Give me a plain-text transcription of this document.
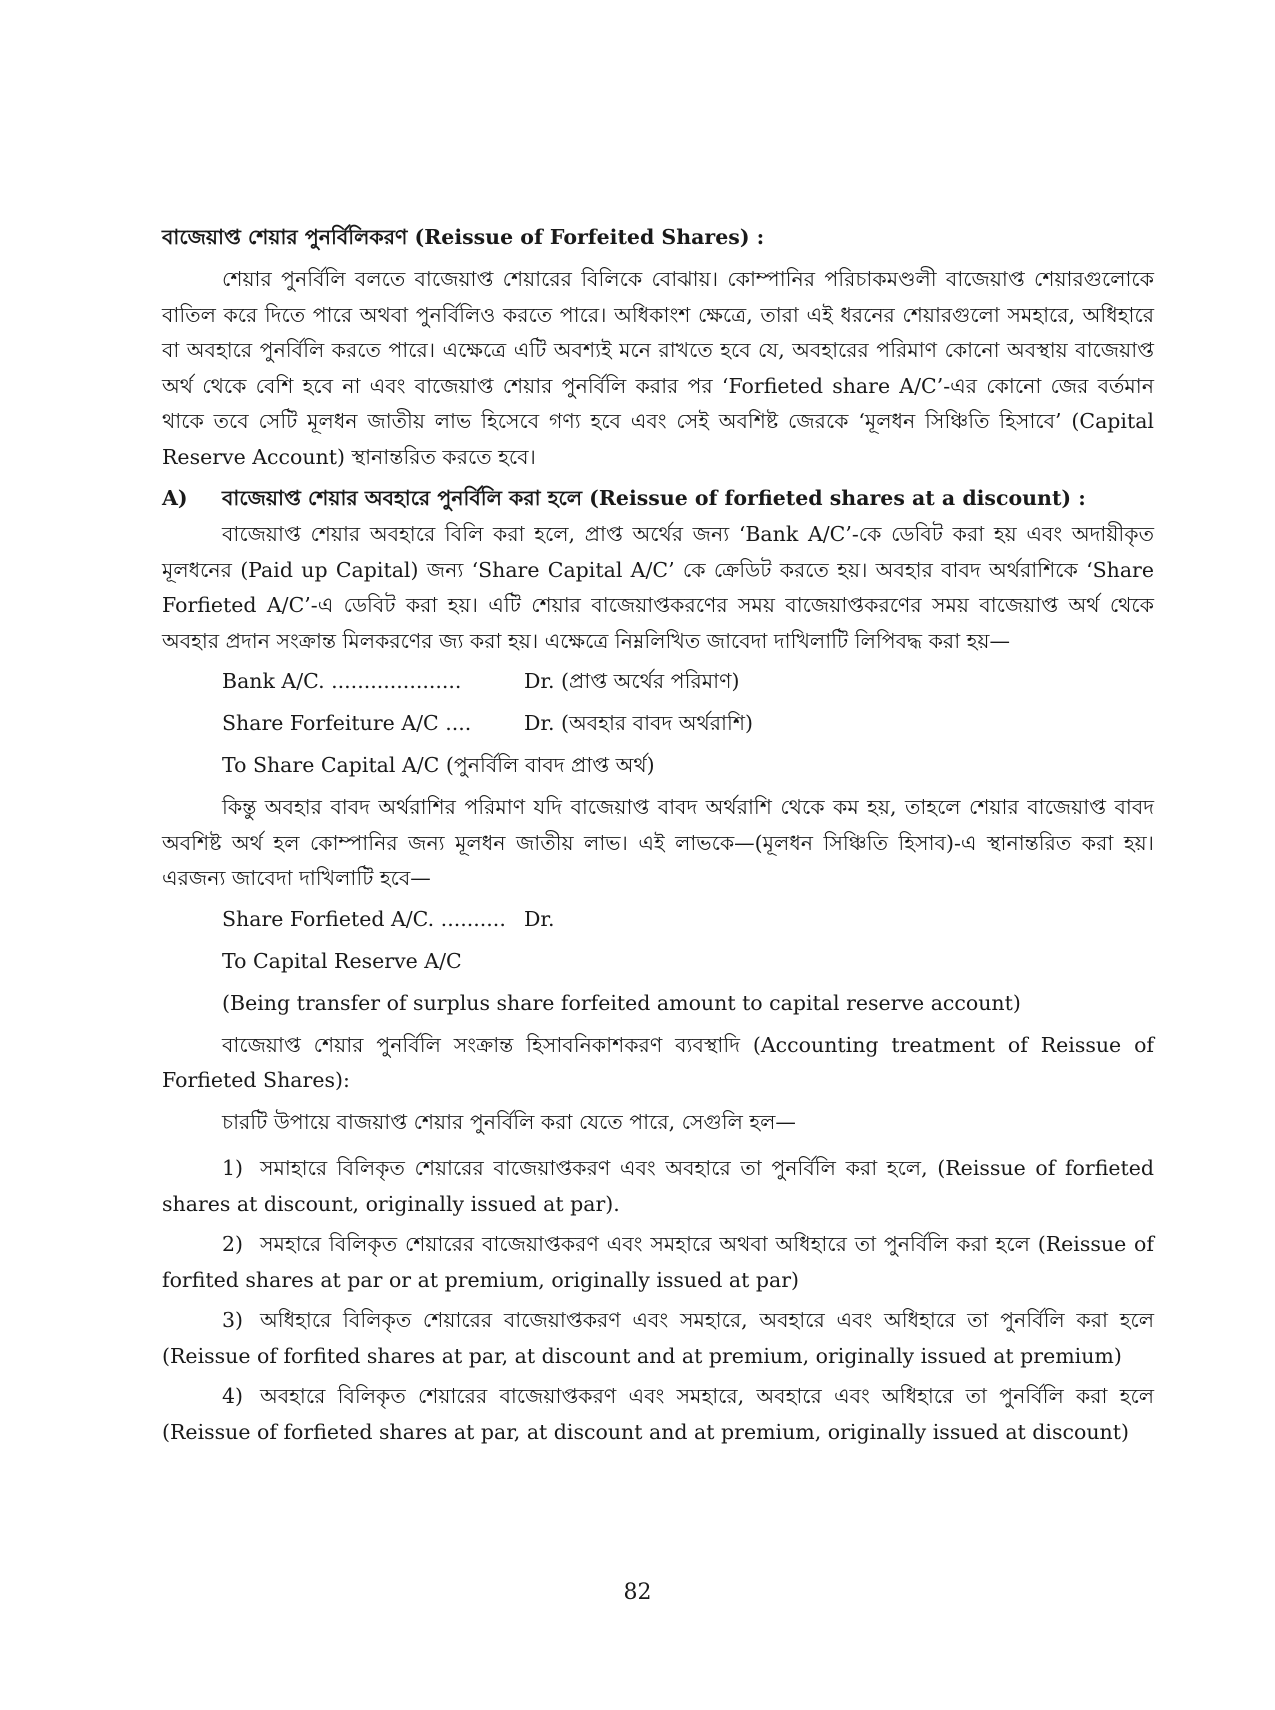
বাজেয়াপ্ত শেয়ার পুনর্বিলিকরণ (Reissue of Forfeited Shares) :

শেয়ার পুনর্বিলি বলতে বাজেয়াপ্ত শেয়ারের বিলিকে বোঝায়। কোম্পানির পরিচাকমণ্ডলী বাজেয়াপ্ত শেয়ারগুলোকে বাতিল করে দিতে পারে অথবা পুনর্বিলিও করতে পারে। অধিকাংশ ক্ষেত্রে, তারা এই ধরনের শেয়ারগুলো সমহারে, অধিহারে বা অবহারে পুনর্বিলি করতে পারে। এক্ষেত্রে এটি অবশ্যই মনে রাখতে হবে যে, অবহারের পরিমাণ কোনো অবস্থায় বাজেয়াপ্ত অর্থ থেকে বেশি হবে না এবং বাজেয়াপ্ত শেয়ার পুনর্বিলি করার পর ‘Forfieted share A/C’-এর কোনো জের বর্তমান থাকে তবে সেটি মূলধন জাতীয় লাভ হিসেবে গণ্য হবে এবং সেই অবশিষ্ট জেরকে ‘মূলধন সিঞ্চিতি হিসাবে’ (Capital Reserve Account) স্থানান্তরিত করতে হবে।

A)	বাজেয়াপ্ত শেয়ার অবহারে পুনর্বিলি করা হলে (Reissue of forfieted shares at a discount) :

বাজেয়াপ্ত শেয়ার অবহারে বিলি করা হলে, প্রাপ্ত অর্থের জন্য ‘Bank A/C’-কে ডেবিট করা হয় এবং অদায়ীকৃত মূলধনের (Paid up Capital) জন্য ‘Share Capital A/C’ কে ক্রেডিট করতে হয়। অবহার বাবদ অর্থরাশিকে ‘Share Forfieted A/C’-এ ডেবিট করা হয়। এটি শেয়ার বাজেয়াপ্তকরণের সময় বাজেয়াপ্তকরণের সময় বাজেয়াপ্ত অর্থ থেকে অবহার প্রদান সংক্রান্ত মিলকরণের জ্য করা হয়। এক্ষেত্রে নিম্নলিখিত জাবেদা দাখিলাটি লিপিবদ্ধ করা হয়—

Bank A/C. ....................	Dr. (প্রাপ্ত অর্থের পরিমাণ)
Share Forfeiture A/C ....	Dr. (অবহার বাবদ অর্থরাশি)
To Share Capital A/C (পুনর্বিলি বাবদ প্রাপ্ত অর্থ)

কিন্তু অবহার বাবদ অর্থরাশির পরিমাণ যদি বাজেয়াপ্ত বাবদ অর্থরাশি থেকে কম হয়, তাহলে শেয়ার বাজেয়াপ্ত বাবদ অবশিষ্ট অর্থ হল কোম্পানির জন্য মূলধন জাতীয় লাভ। এই লাভকে—(মূলধন সিঞ্চিতি হিসাব)-এ স্থানান্তরিত করা হয়। এরজন্য জাবেদা দাখিলাটি হবে—

Share Forfieted A/C. .......... Dr.
To Capital Reserve A/C
(Being transfer of surplus share forfeited amount to capital reserve account)

বাজেয়াপ্ত শেয়ার পুনর্বিলি সংক্রান্ত হিসাবনিকাশকরণ ব্যবস্থাদি (Accounting treatment of Reissue of Forfieted Shares):

চারটি উপায়ে বাজয়াপ্ত শেয়ার পুনর্বিলি করা যেতে পারে, সেগুলি হল—

1) সমাহারে বিলিকৃত শেয়ারের বাজেয়াপ্তকরণ এবং অবহারে তা পুনর্বিলি করা হলে, (Reissue of forfieted shares at discount, originally issued at par).

2) সমহারে বিলিকৃত শেয়ারের বাজেয়াপ্তকরণ এবং সমহারে অথবা অধিহারে তা পুনর্বিলি করা হলে (Reissue of forfited shares at par or at premium, originally issued at par)

3) অধিহারে বিলিকৃত শেয়ারের বাজেয়াপ্তকরণ এবং সমহারে, অবহারে এবং অধিহারে তা পুনর্বিলি করা হলে (Reissue of forfited shares at par, at discount and at premium, originally issued at premium)

4) অবহারে বিলিকৃত শেয়ারের বাজেয়াপ্তকরণ এবং সমহারে, অবহারে এবং অধিহারে তা পুনর্বিলি করা হলে (Reissue of forfieted shares at par, at discount and at premium, originally issued at discount)

82
